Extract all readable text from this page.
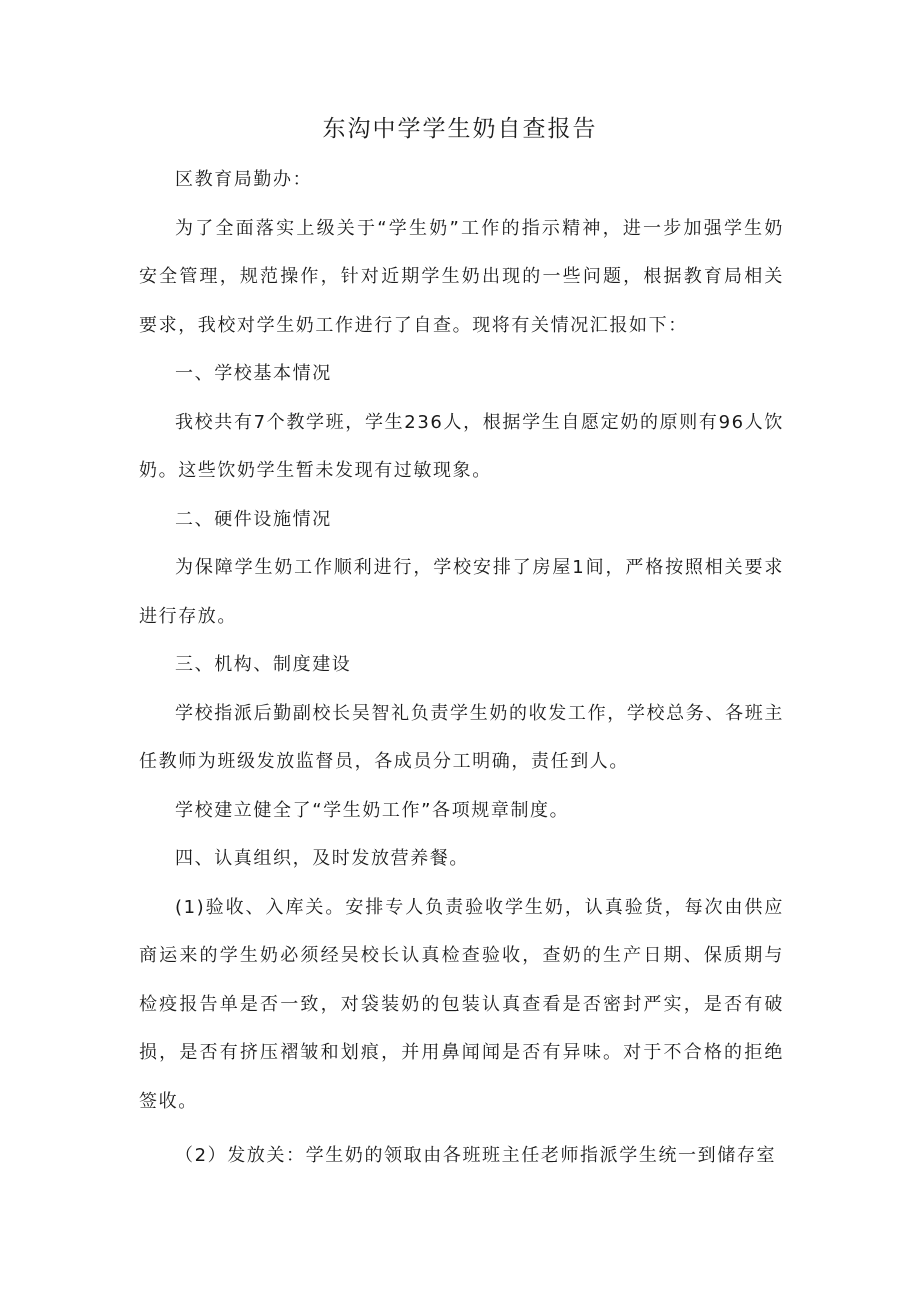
东沟中学学生奶自查报告

区教育局勤办：

为了全面落实上级关于“学生奶”工作的指示精神，进一步加强学生奶安全管理，规范操作，针对近期学生奶出现的一些问题，根据教育局相关要求，我校对学生奶工作进行了自查。现将有关情况汇报如下：

一、学校基本情况

我校共有7个教学班，学生236人，根据学生自愿定奶的原则有96人饮奶。这些饮奶学生暂未发现有过敏现象。

二、硬件设施情况

为保障学生奶工作顺利进行，学校安排了房屋1间，严格按照相关要求进行存放。

三、机构、制度建设

学校指派后勤副校长吴智礼负责学生奶的收发工作，学校总务、各班主任教师为班级发放监督员，各成员分工明确，责任到人。

学校建立健全了“学生奶工作”各项规章制度。

四、认真组织，及时发放营养餐。

(1)验收、入库关。安排专人负责验收学生奶，认真验货，每次由供应商运来的学生奶必须经吴校长认真检查验收，查奶的生产日期、保质期与检疫报告单是否一致，对袋装奶的包装认真查看是否密封严实，是否有破损，是否有挤压褶皱和划痕，并用鼻闻闻是否有异味。对于不合格的拒绝签收。

（2）发放关：学生奶的领取由各班班主任老师指派学生统一到储存室
